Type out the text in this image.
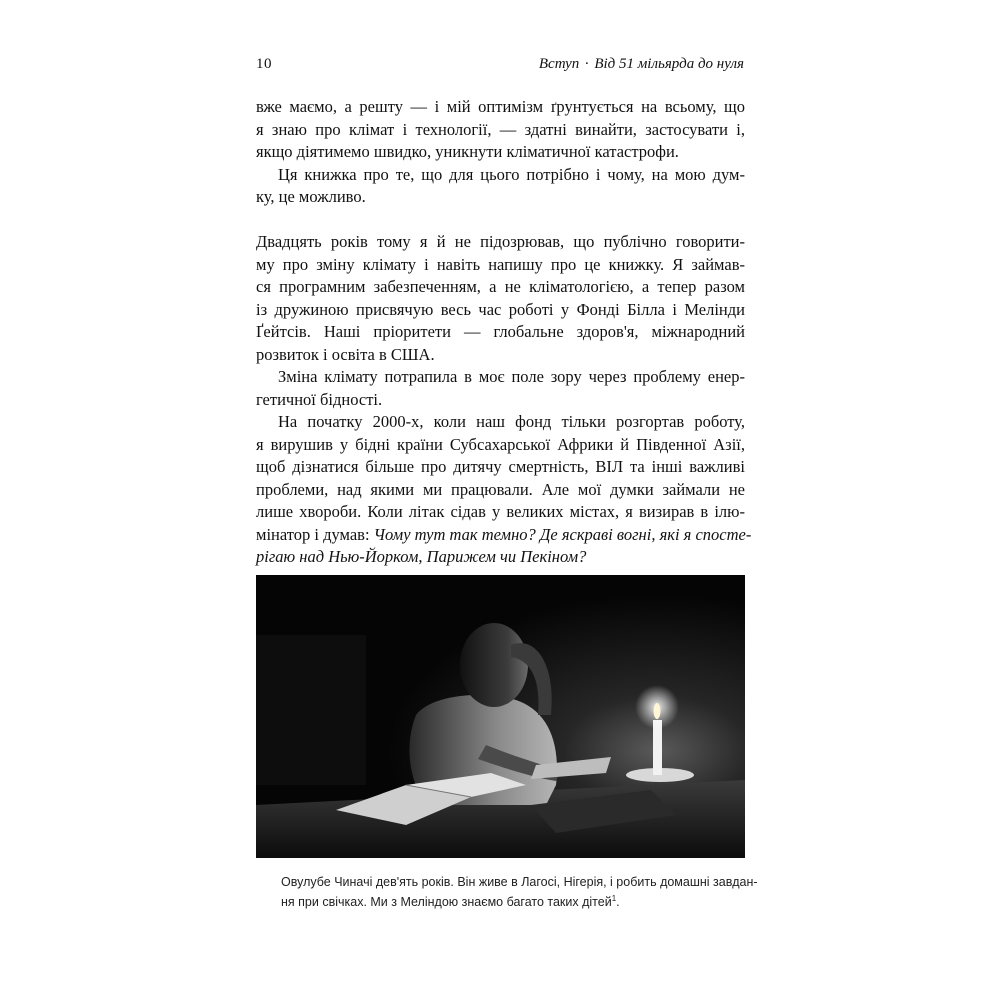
10	Вступ · Від 51 мільярда до нуля

вже маємо, а решту — і мій оптимізм ґрунтується на всьому, що
я знаю про клімат і технології, — здатні винайти, застосувати і,
якщо діятимемо швидко, уникнути кліматичної катастрофи.

Ця книжка про те, що для цього потрібно і чому, на мою дум-
ку, це можливо.

Двадцять років тому я й не підозрював, що публічно говорити-
му про зміну клімату і навіть напишу про це книжку. Я займав-
ся програмним забезпеченням, а не кліматологією, а тепер разом
із дружиною присвячую весь час роботі у Фонді Білла і Мелінди
Ґейтсів. Наші пріоритети — глобальне здоров'я, міжнародний
розвиток і освіта в США.

Зміна клімату потрапила в моє поле зору через проблему енер-
гетичної бідності.

На початку 2000-х, коли наш фонд тільки розгортав роботу,
я вирушив у бідні країни Субсахарської Африки й Південної Азії,
щоб дізнатися більше про дитячу смертність, ВІЛ та інші важливі
проблеми, над якими ми працювали. Але мої думки займали не
лише хвороби. Коли літак сідав у великих містах, я визирав в ілю-
мінатор і думав: Чому тут так темно? Де яскраві вогні, які я спосте-
рігаю над Нью-Йорком, Парижем чи Пекіном?

Овулубе Чиначі дев'ять років. Він живе в Лагосі, Нігерія, і робить домашні завдан-
ня при свічках. Ми з Меліндою знаємо багато таких дітей$^1$.
